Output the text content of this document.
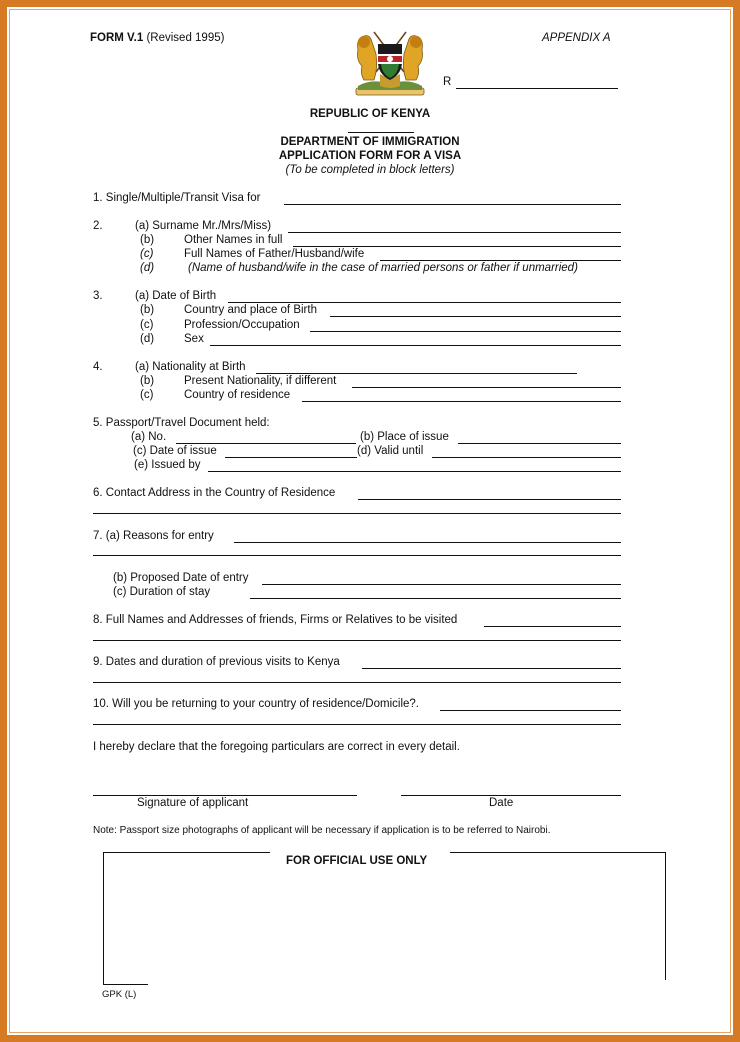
FORM V.1 (Revised 1995)	APPENDIX A
R
REPUBLIC OF KENYA
DEPARTMENT OF IMMIGRATION
APPLICATION FORM FOR A VISA
(To be completed in block letters)
1. Single/Multiple/Transit Visa for
2.	(a) Surname Mr./Mrs/Miss)
(b)	Other Names in full
(c)	Full Names of Father/Husband/wife
(d)	(Name of husband/wife in the case of married persons or father if unmarried)
3.	(a) Date of Birth
(b)	Country and place of Birth
(c)	Profession/Occupation
(d)	Sex
4.	(a) Nationality at Birth
(b)	Present Nationality, if different
(c)	Country of residence
5. Passport/Travel Document held:
(a) No.	(b) Place of issue
(c) Date of issue	(d) Valid until
(e) Issued by
6. Contact Address in the Country of Residence
7. (a) Reasons for entry
(b) Proposed Date of entry
(c) Duration of stay
8. Full Names and Addresses of friends, Firms or Relatives to be visited
9. Dates and duration of previous visits to Kenya
10. Will you be returning to your country of residence/Domicile?.
I hereby declare that the foregoing particulars are correct in every detail.
Signature of applicant	Date
Note: Passport size photographs of applicant will be necessary if application is to be referred to Nairobi.
FOR OFFICIAL USE ONLY
GPK (L)
